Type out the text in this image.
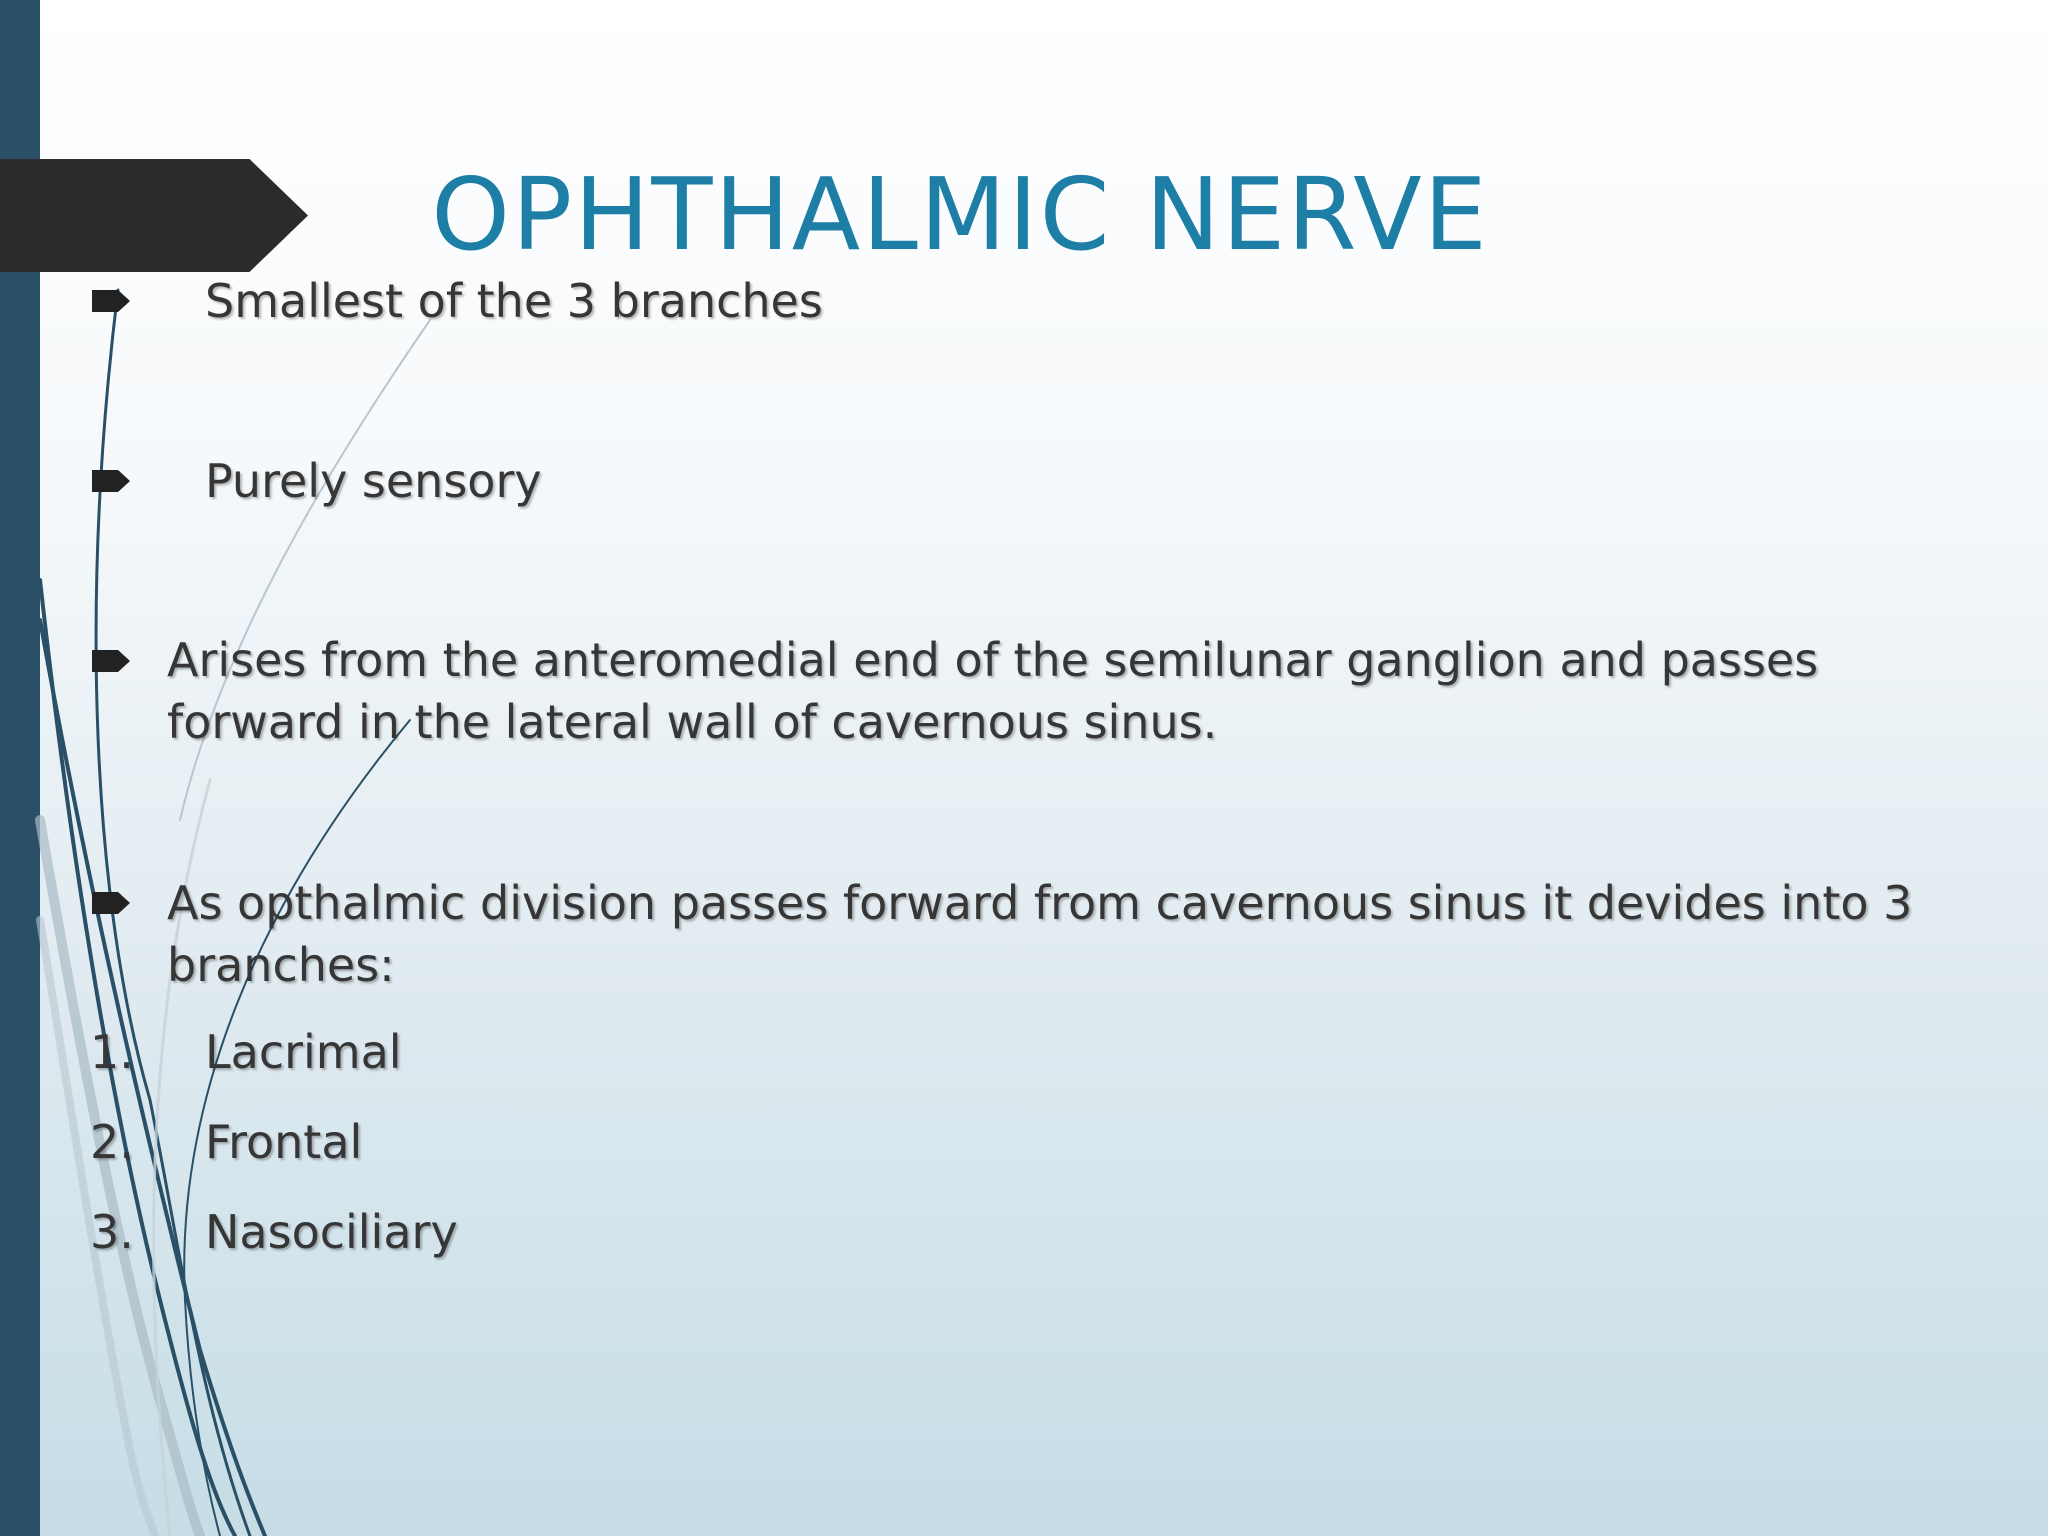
OPHTHALMIC NERVE
Smallest of the 3 branches
Purely sensory
Arises from the anteromedial end of the semilunar ganglion and passes forward in the lateral wall of cavernous sinus.
As opthalmic division passes forward from cavernous sinus it devides into 3 branches:
1. Lacrimal
2. Frontal
3. Nasociliary
